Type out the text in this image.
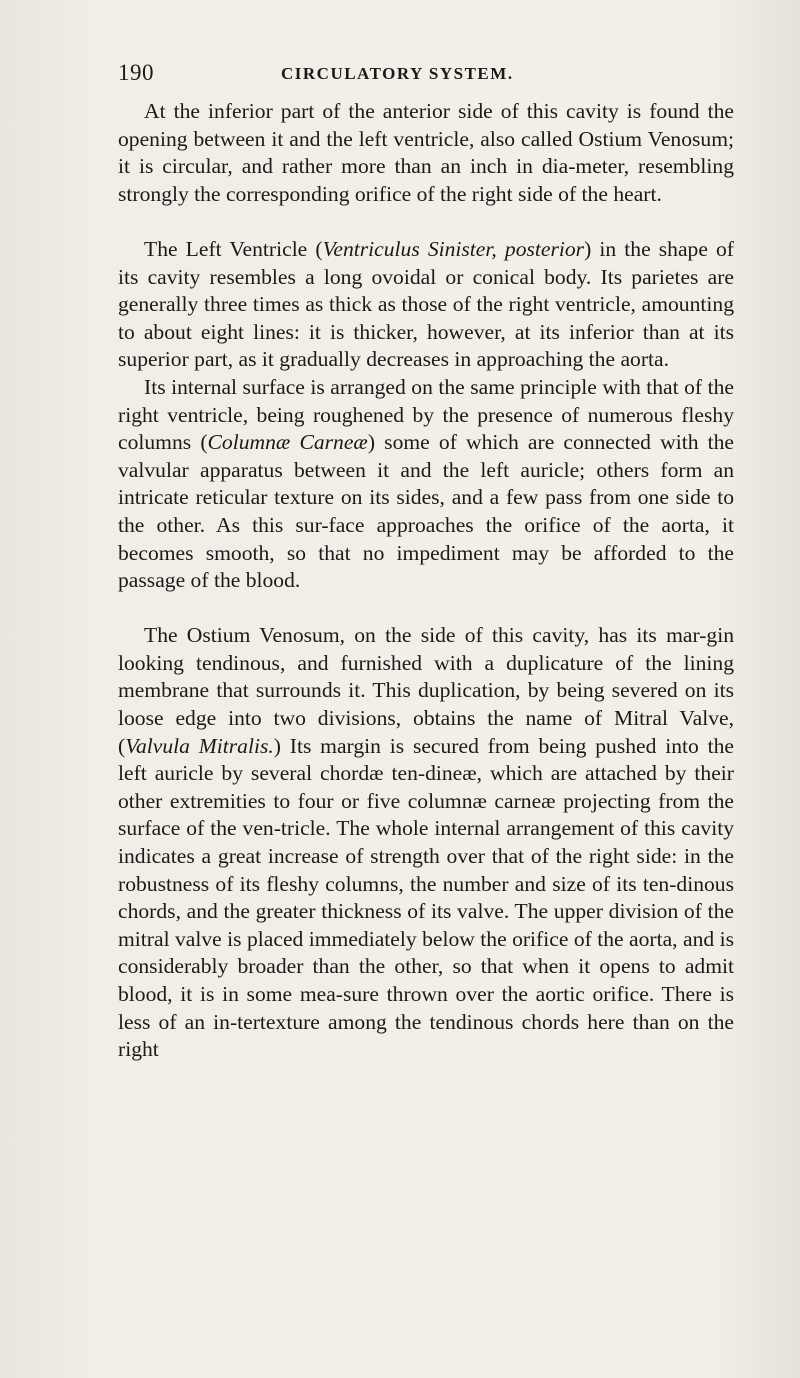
190	CIRCULATORY SYSTEM.

At the inferior part of the anterior side of this cavity is found the opening between it and the left ventricle, also called Ostium Venosum; it is circular, and rather more than an inch in dia-meter, resembling strongly the corresponding orifice of the right side of the heart.

The Left Ventricle (Ventriculus Sinister, posterior) in the shape of its cavity resembles a long ovoidal or conical body. Its parietes are generally three times as thick as those of the right ventricle, amounting to about eight lines: it is thicker, however, at its inferior than at its superior part, as it gradually decreases in approaching the aorta.

Its internal surface is arranged on the same principle with that of the right ventricle, being roughened by the presence of numerous fleshy columns (Columnæ Carneæ) some of which are connected with the valvular apparatus between it and the left auricle; others form an intricate reticular texture on its sides, and a few pass from one side to the other. As this sur-face approaches the orifice of the aorta, it becomes smooth, so that no impediment may be afforded to the passage of the blood.

The Ostium Venosum, on the side of this cavity, has its mar-gin looking tendinous, and furnished with a duplicature of the lining membrane that surrounds it. This duplication, by being severed on its loose edge into two divisions, obtains the name of Mitral Valve, (Valvula Mitralis.) Its margin is secured from being pushed into the left auricle by several chordæ ten-dineæ, which are attached by their other extremities to four or five columnæ carneæ projecting from the surface of the ven-tricle. The whole internal arrangement of this cavity indicates a great increase of strength over that of the right side: in the robustness of its fleshy columns, the number and size of its ten-dinous chords, and the greater thickness of its valve. The upper division of the mitral valve is placed immediately below the orifice of the aorta, and is considerably broader than the other, so that when it opens to admit blood, it is in some mea-sure thrown over the aortic orifice. There is less of an in-tertexture among the tendinous chords here than on the right
